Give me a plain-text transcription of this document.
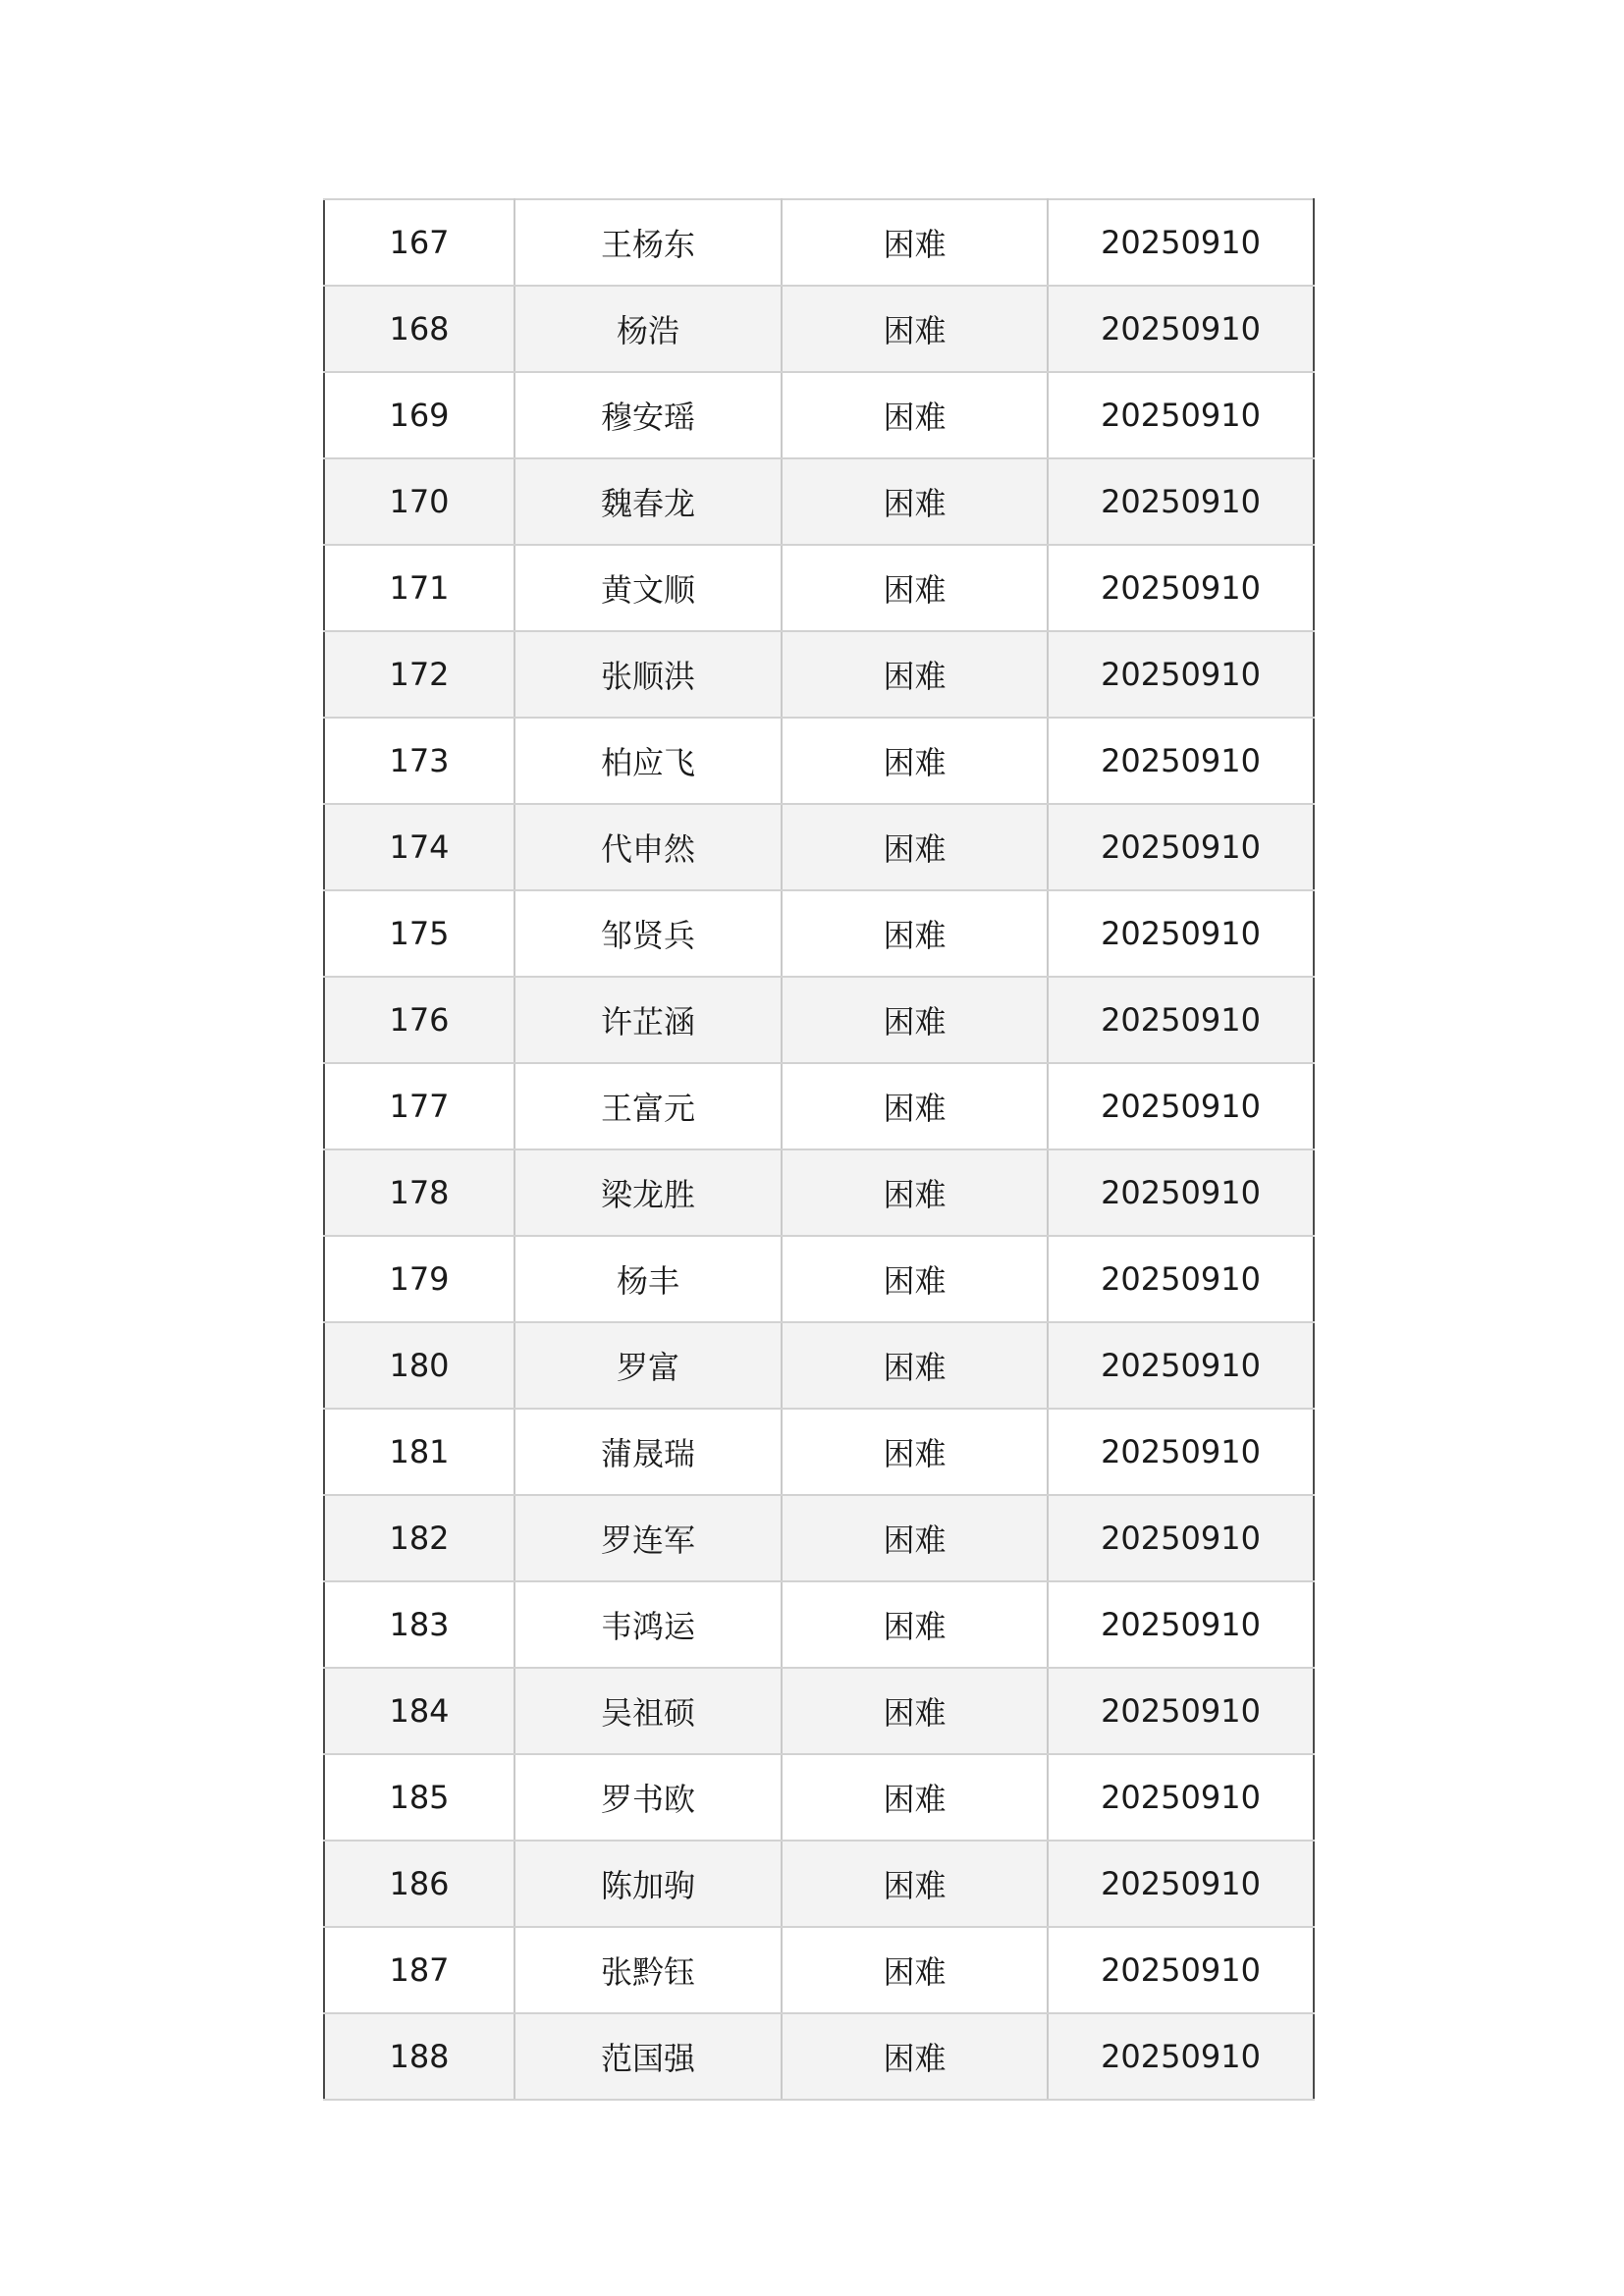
167	王杨东	困难	20250910
168	杨浩	困难	20250910
169	穆安瑶	困难	20250910
170	魏春龙	困难	20250910
171	黄文顺	困难	20250910
172	张顺洪	困难	20250910
173	柏应飞	困难	20250910
174	代申然	困难	20250910
175	邹贤兵	困难	20250910
176	许芷涵	困难	20250910
177	王富元	困难	20250910
178	梁龙胜	困难	20250910
179	杨丰	困难	20250910
180	罗富	困难	20250910
181	蒲晟瑞	困难	20250910
182	罗连军	困难	20250910
183	韦鸿运	困难	20250910
184	吴祖硕	困难	20250910
185	罗书欧	困难	20250910
186	陈加驹	困难	20250910
187	张黔钰	困难	20250910
188	范国强	困难	20250910
